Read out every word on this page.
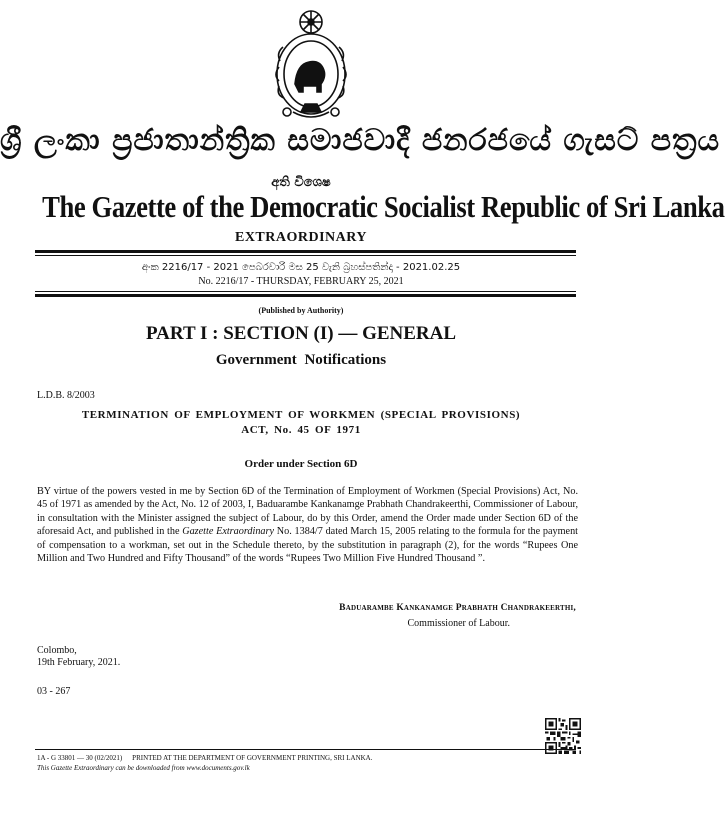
ශ්‍රී ලංකා ප්‍රජාතාන්ත්‍රික සමාජවාදී ජනරජයේ ගැසට් පත්‍රය
අති විශෙෂ
The Gazette of the Democratic Socialist Republic of Sri Lanka
EXTRAORDINARY
අංක 2216/17 - 2021 පෙබරවාරි මස 25 වැනි බ්‍රහස්පතින්දා - 2021.02.25
No. 2216/17 - THURSDAY, FEBRUARY 25, 2021
(Published by Authority)
PART I : SECTION (I) — GENERAL
Government Notifications
L.D.B. 8/2003
TERMINATION OF EMPLOYMENT OF WORKMEN (SPECIAL PROVISIONS)
ACT, No. 45 OF 1971
Order under Section 6D
BY virtue of the powers vested in me by Section 6D of the Termination of Employment of Workmen (Special Provisions) Act, No. 45 of 1971 as amended by the Act, No. 12 of 2003, I, Baduarambe Kankanamge Prabhath Chandrakeerthi, Commissioner of Labour, in consultation with the Minister assigned the subject of Labour, do by this Order, amend the Order made under Section 6D of the aforesaid Act, and published in the Gazette Extraordinary No. 1384/7 dated March 15, 2005 relating to the formula for the payment of compensation to a workman, set out in the Schedule thereto, by the substitution in paragraph (2), for the words “Rupees One Million and Two Hundred and Fifty Thousand” of the words “Rupees Two Million Five Hundred Thousand ”.
Baduarambe Kankanamge Prabhath Chandrakeerthi,
Commissioner of Labour.
Colombo,
19th February, 2021.
03 - 267
1A - G 33801 — 30 (02/2021) PRINTED AT THE DEPARTMENT OF GOVERNMENT PRINTING, SRI LANKA.
This Gazette Extraordinary can be downloaded from www.documents.gov.lk
